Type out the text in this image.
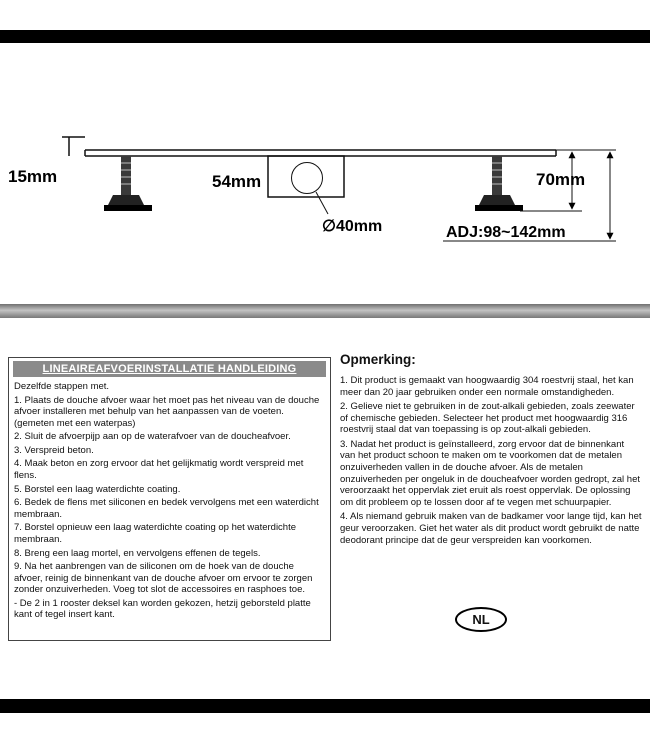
15mm	54mm	70mm
∅40mm	ADJ:98~142mm
LINEAIREAFVOERINSTALLATIE HANDLEIDING

Dezelfde stappen met.

1. Plaats de douche afvoer waar het moet pas het niveau van de douche afvoer installeren met behulp van het aanpassen van de voeten. (gemeten met een waterpas)

2. Sluit de afvoerpijp aan op de waterafvoer van de doucheafvoer.

3. Verspreid beton.

4. Maak beton en zorg ervoor dat het gelijkmatig wordt verspreid met flens.

5. Borstel een laag waterdichte coating.

6. Bedek de flens met siliconen en bedek vervolgens met een waterdicht membraan.

7. Borstel opnieuw een laag waterdichte coating op het waterdichte membraan.

8. Breng een laag mortel, en vervolgens effenen de tegels.

9. Na het aanbrengen van de siliconen om de hoek van de douche afvoer, reinig de binnenkant van de douche afvoer om ervoor te zorgen zonder onzuiverheden. Voeg tot slot de accessoires en rasphoes toe.

- De 2 in 1 rooster deksel kan worden gekozen, hetzij geborsteld platte kant of tegel insert kant.

Opmerking:

1. Dit product is gemaakt van hoogwaardig 304 roestvrij staal, het kan meer dan 20 jaar gebruiken onder een normale omstandigheden.

2. Gelieve niet te gebruiken in de zout-alkali gebieden, zoals zeewater of chemische gebieden. Selecteer het product met hoogwaardig 316 roestvrij staal dat van toepassing is op zout-alkali gebieden.

3. Nadat het product is geïnstalleerd, zorg ervoor dat de binnenkant van het product schoon te maken om te voorkomen dat de metalen onzuiverheden vallen in de douche afvoer. Als de metalen onzuiverheden per ongeluk in de doucheafvoer worden gedropt, zal het veroorzaakt het oppervlak ziet eruit als roest oppervlak. De oplossing om dit probleem op te lossen door af te vegen met schuurpapier.

4. Als niemand gebruik maken van de badkamer voor lange tijd, kan het geur veroorzaken. Giet het water als dit product wordt gebruikt de natte deodorant principe dat de geur verspreiden kan voorkomen.

NL
